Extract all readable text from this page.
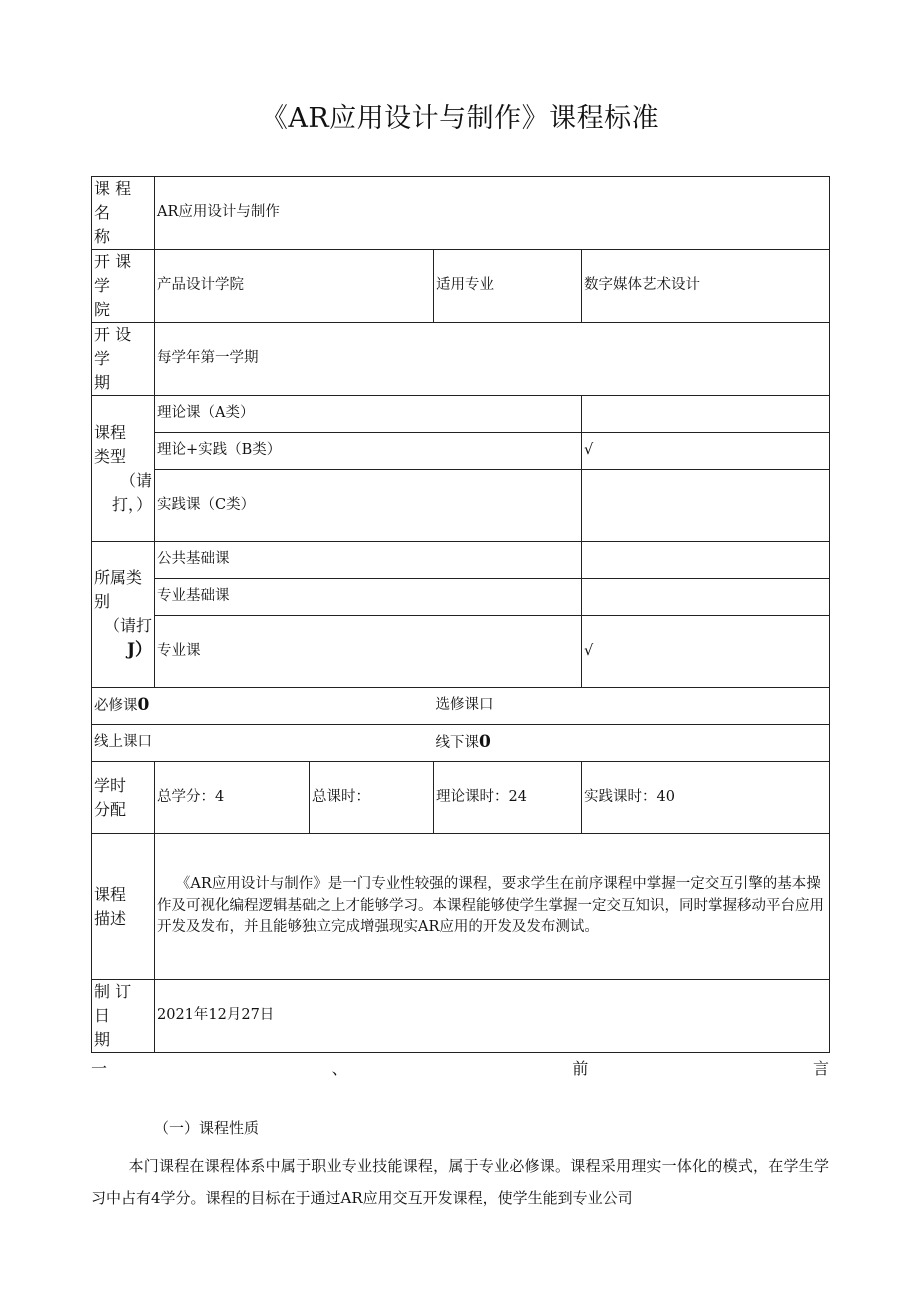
《AR应用设计与制作》课程标准
课 程 名
称	AR应用设计与制作			
开 课 学
院	产品设计学院		适用专业	数字媒体艺术设计
开 设 学
期	每学年第一学期			
课程
类型

（请
打，）	理论课（A类）			
	理论+实践（B类）			√
	实践课（C类）			
所属类
别

（请打
J）	公共基础课			
	专业基础课			
	专业课			√
必修课0			选修课口	
线上课口			线下课0	
学时
分配	总学分：4	总课时：	理论课时：24	实践课时：40
课程
描述	《AR应用设计与制作》是一门专业性较强的课程，要求学生在前序课程中掌握一定交互引擎的基本操作及可视化编程逻辑基础之上才能够学习。本课程能够使学生掌握一定交互知识，同时掌握移动平台应用开发及发布，并且能够独立完成增强现实AR应用的开发及发布测试。			
制 订 日
期	2021年12月27日			
一	、	前	言
（一）课程性质
本门课程在课程体系中属于职业专业技能课程，属于专业必修课。课程采用理实一体化的模式，在学生学习中占有4学分。课程的目标在于通过AR应用交互开发课程，使学生能到专业公司
